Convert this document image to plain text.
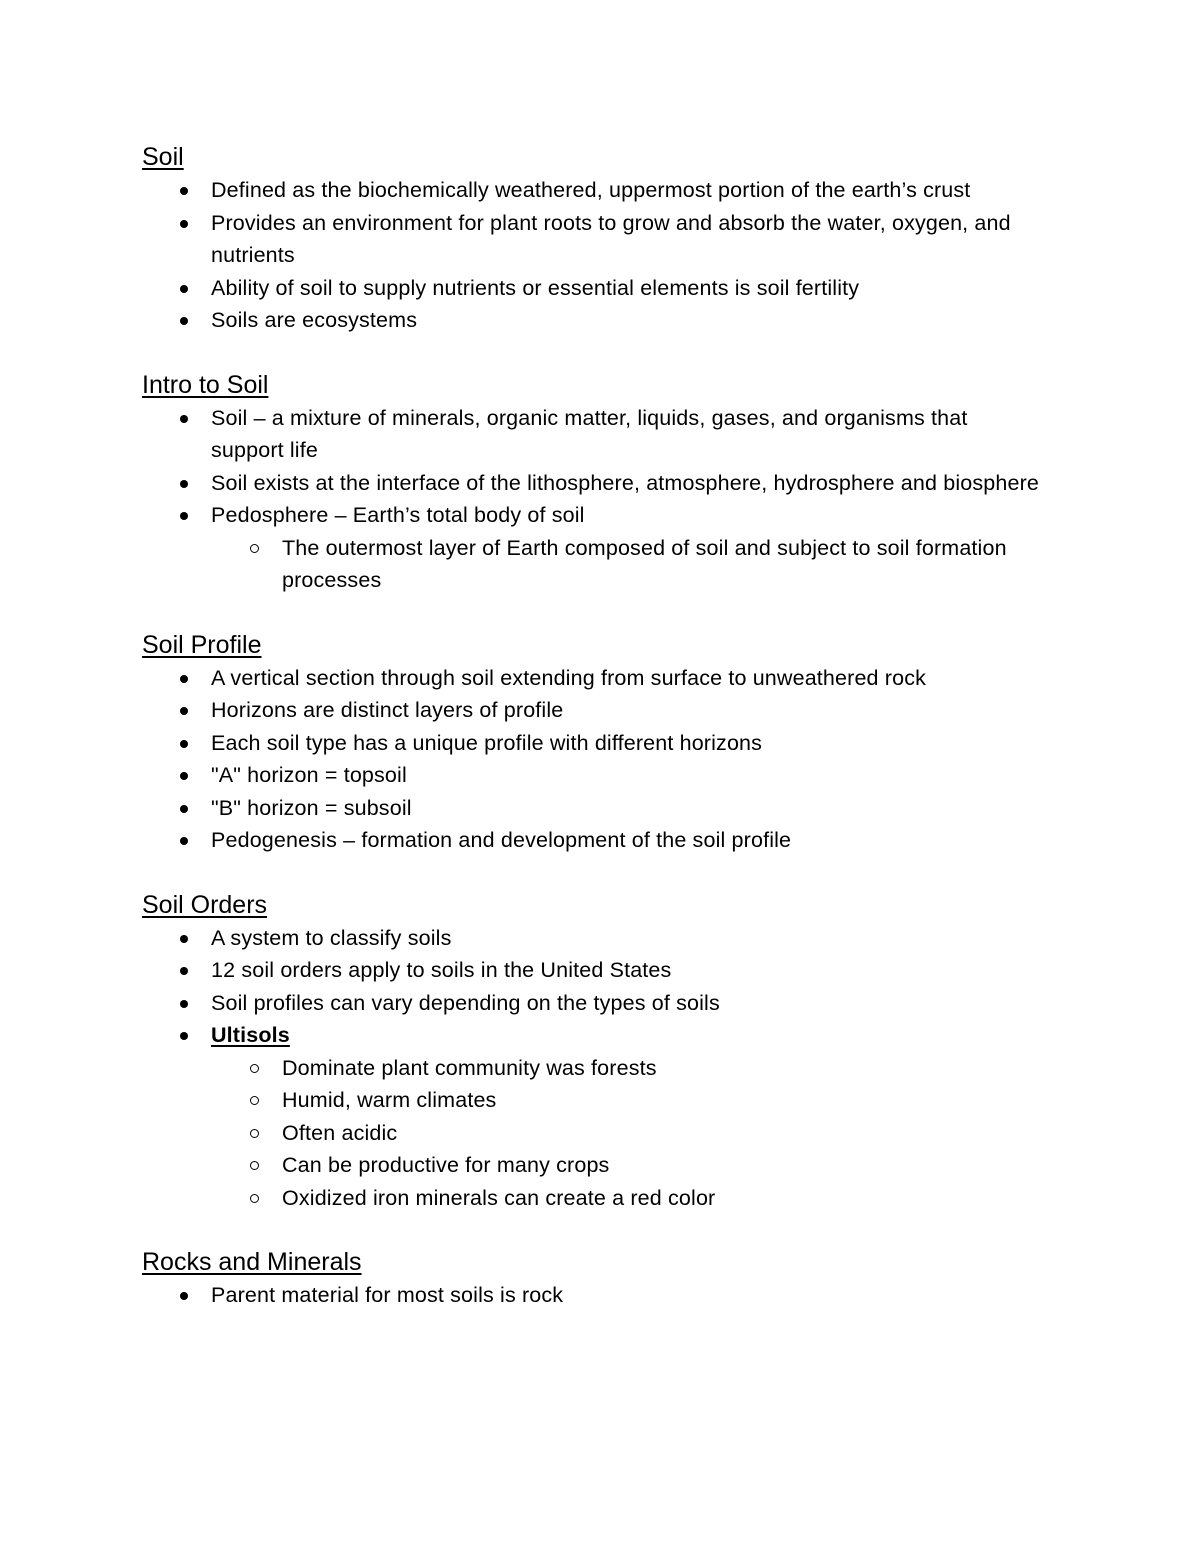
Soil
Defined as the biochemically weathered, uppermost portion of the earth’s crust
Provides an environment for plant roots to grow and absorb the water, oxygen, and nutrients
Ability of soil to supply nutrients or essential elements is soil fertility
Soils are ecosystems
Intro to Soil
Soil – a mixture of minerals, organic matter, liquids, gases, and organisms that support life
Soil exists at the interface of the lithosphere, atmosphere, hydrosphere and biosphere
Pedosphere – Earth’s total body of soil
The outermost layer of Earth composed of soil and subject to soil formation processes
Soil Profile
A vertical section through soil extending from surface to unweathered rock
Horizons are distinct layers of profile
Each soil type has a unique profile with different horizons
"A" horizon = topsoil
"B" horizon = subsoil
Pedogenesis – formation and development of the soil profile
Soil Orders
A system to classify soils
12 soil orders apply to soils in the United States
Soil profiles can vary depending on the types of soils
Ultisols
Dominate plant community was forests
Humid, warm climates
Often acidic
Can be productive for many crops
Oxidized iron minerals can create a red color
Rocks and Minerals
Parent material for most soils is rock
